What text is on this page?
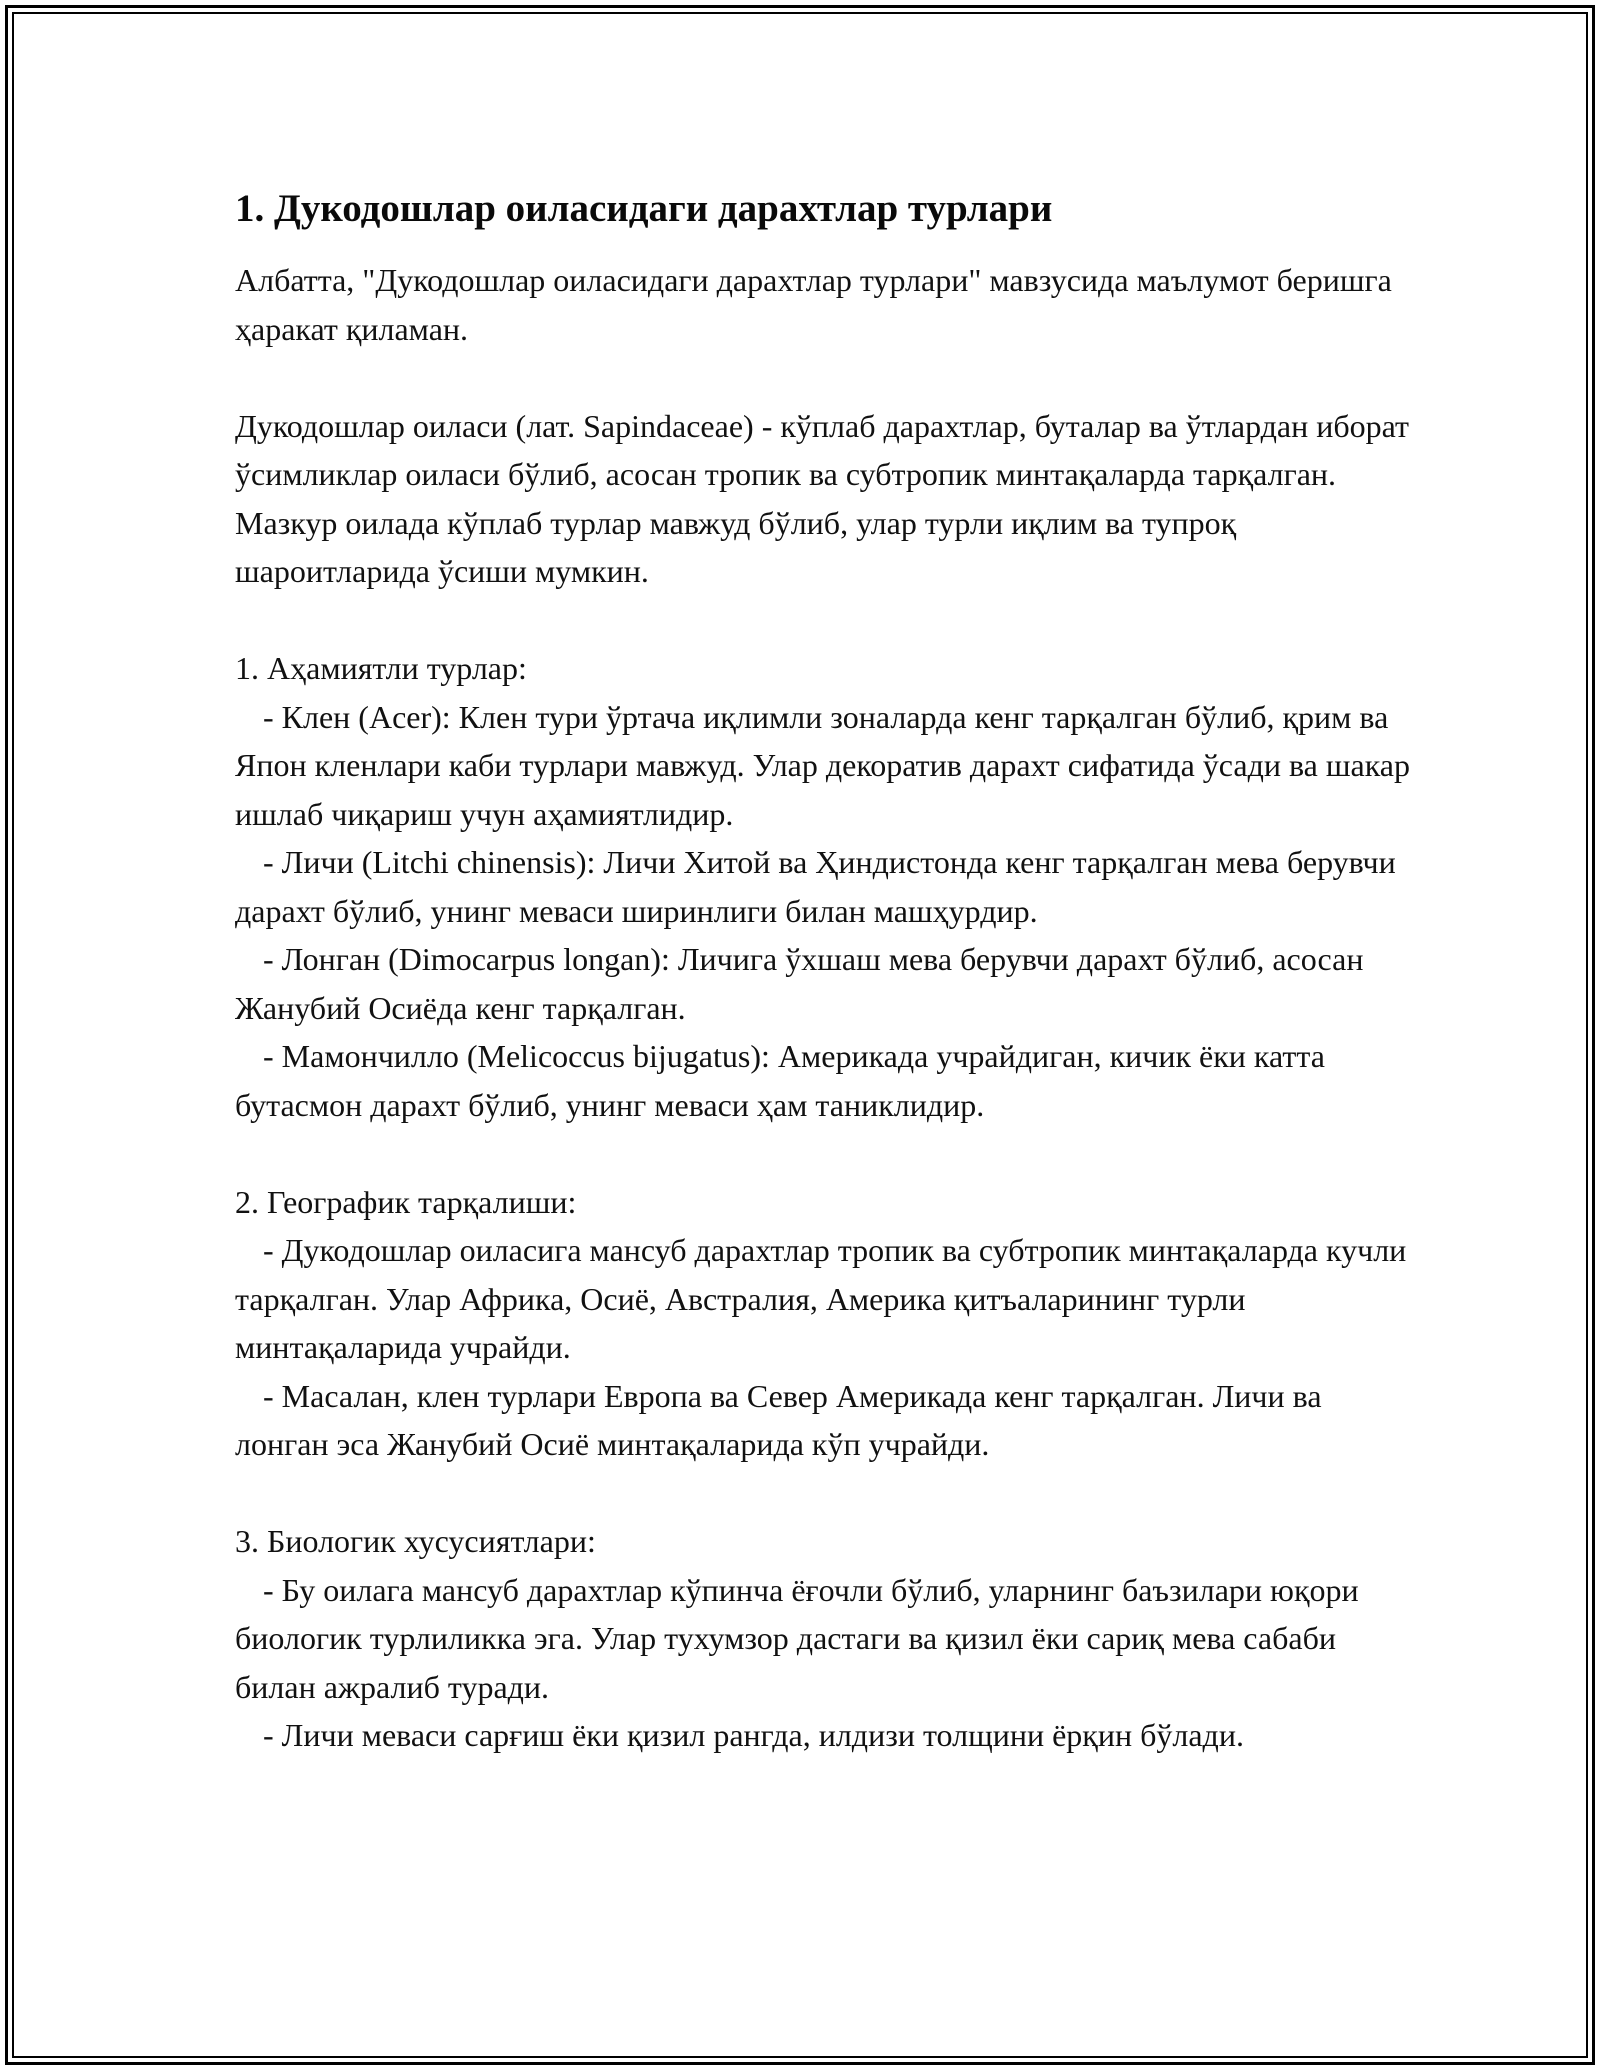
1. Дукодошлар оиласидаги дарахтлар турлари

Албатта, "Дукодошлар оиласидаги дарахтлар турлари" мавзусида маълумот беришга ҳаракат қиламан.

Дукодошлар оиласи (лат. Sapindaceae) - кўплаб дарахтлар, буталар ва ўтлардан иборат ўсимликлар оиласи бўлиб, асосан тропик ва субтропик минтақаларда тарқалган. Мазкур оилада кўплаб турлар мавжуд бўлиб, улар турли иқлим ва тупроқ шароитларида ўсиши мумкин.

1. Аҳамиятли турлар:

- Клен (Acer): Клен тури ўртача иқлимли зоналарда кенг тарқалган бўлиб, қрим ва Япон кленлари каби турлари мавжуд. Улар декоратив дарахт сифатида ўсади ва шакар ишлаб чиқариш учун аҳамиятлидир.

- Личи (Litchi chinensis): Личи Хитой ва Ҳиндистонда кенг тарқалган мева берувчи дарахт бўлиб, унинг меваси ширинлиги билан машҳурдир.

- Лонган (Dimocarpus longan): Личига ўхшаш мева берувчи дарахт бўлиб, асосан Жанубий Осиёда кенг тарқалган.

- Мамончилло (Melicoccus bijugatus): Америкада учрайдиган, кичик ёки катта бутасмон дарахт бўлиб, унинг меваси ҳам таниклидир.

2. Географик тарқалиши:

- Дукодошлар оиласига мансуб дарахтлар тропик ва субтропик минтақаларда кучли тарқалган. Улар Африка, Осиё, Австралия, Америка қитъаларининг турли минтақаларида учрайди.

- Масалан, клен турлари Европа ва Север Америкада кенг тарқалган. Личи ва лонган эса Жанубий Осиё минтақаларида кўп учрайди.

3. Биологик хусусиятлари:

- Бу оилага мансуб дарахтлар кўпинча ёғочли бўлиб, уларнинг баъзилари юқори биологик турлиликка эга. Улар тухумзор дастаги ва қизил ёки сариқ мева сабаби билан ажралиб туради.

- Личи меваси сарғиш ёки қизил рангда, илдизи толщини ёрқин бўлади.
